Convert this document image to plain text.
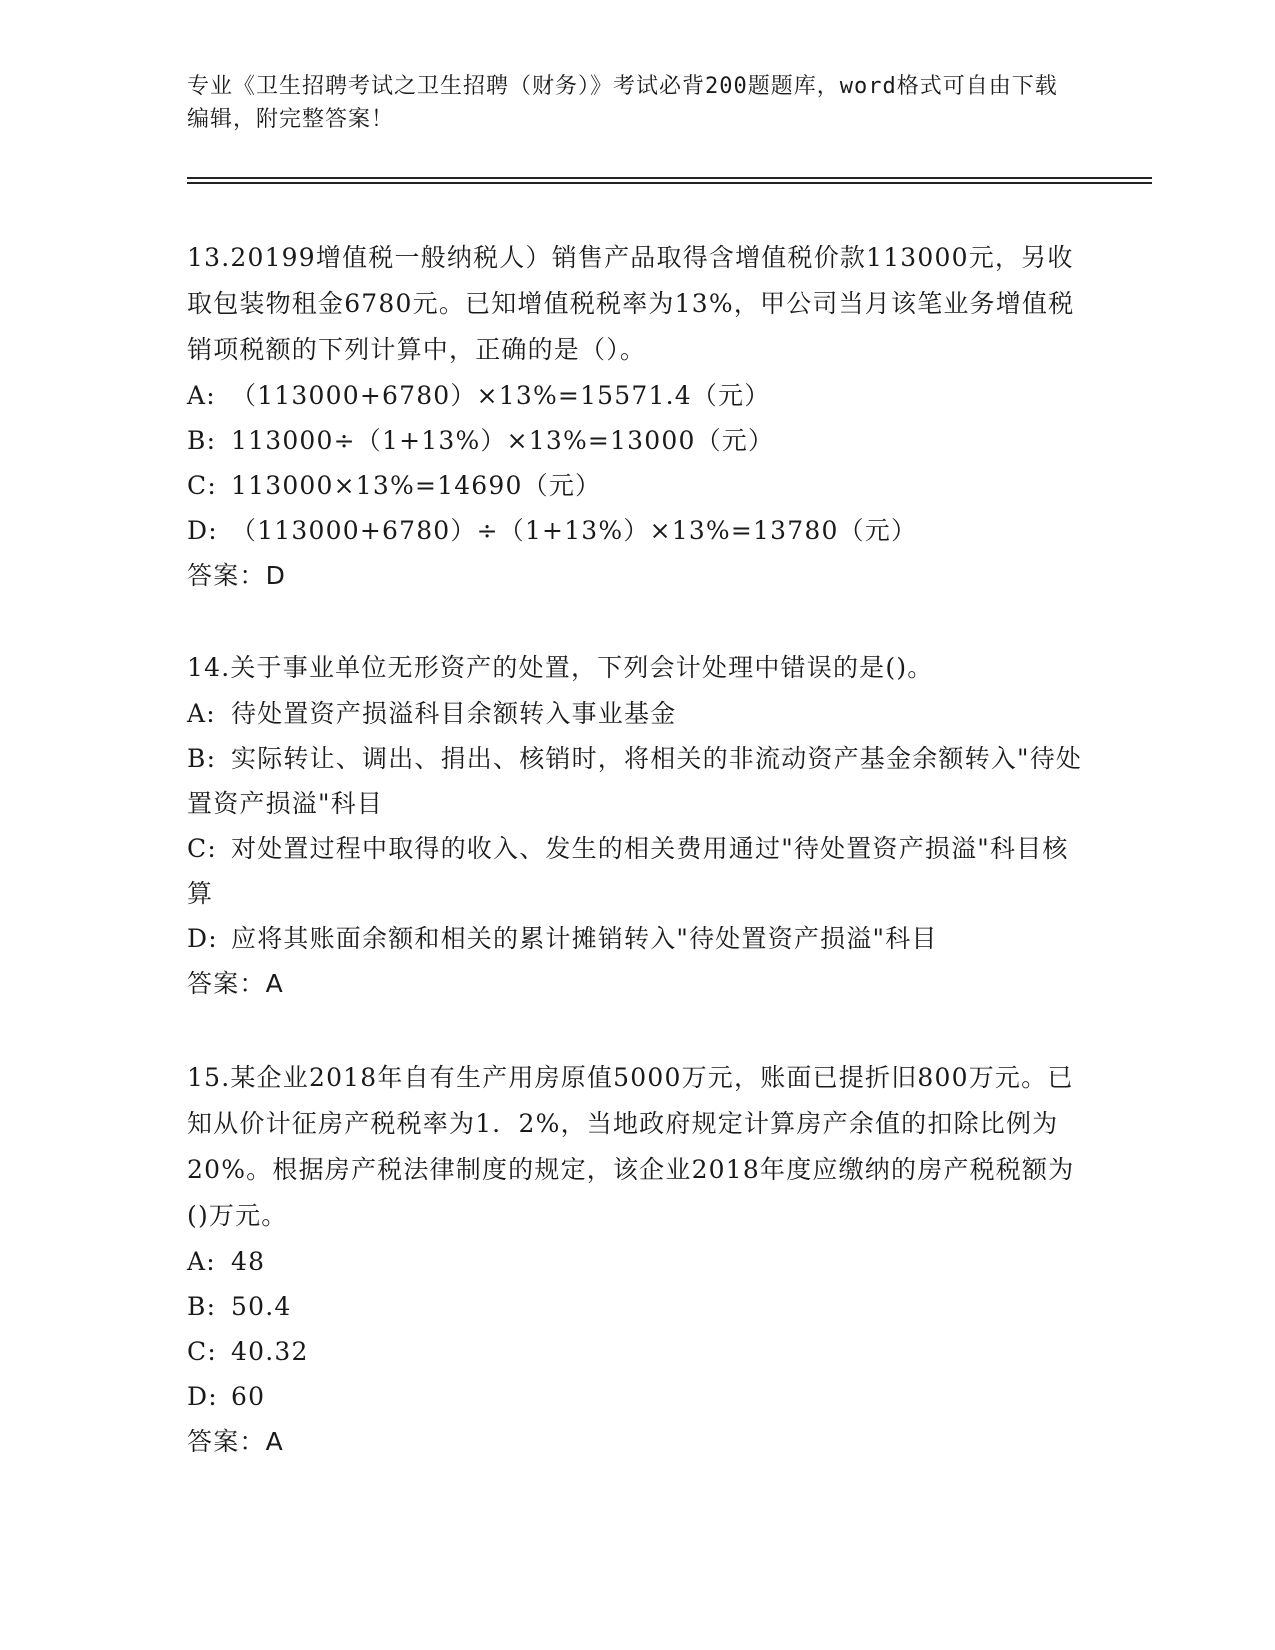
专业《卫生招聘考试之卫生招聘（财务）》考试必背200题题库，word格式可自由下载编辑，附完整答案！

13.20199增值税一般纳税人）销售产品取得含增值税价款113000元，另收取包装物租金6780元。已知增值税税率为13%，甲公司当月该笔业务增值税销项税额的下列计算中，正确的是（）。

A: （113000+6780）×13%=15571.4（元）

B: 113000÷（1+13%）×13%=13000（元）

C: 113000×13%=14690（元）

D: （113000+6780）÷（1+13%）×13%=13780（元）

答案：D

14.关于事业单位无形资产的处置，下列会计处理中错误的是()。

A: 待处置资产损溢科目余额转入事业基金

B: 实际转让、调出、捐出、核销时，将相关的非流动资产基金余额转入"待处置资产损溢"科目

C: 对处置过程中取得的收入、发生的相关费用通过"待处置资产损溢"科目核算

D: 应将其账面余额和相关的累计摊销转入"待处置资产损溢"科目

答案：A

15.某企业2018年自有生产用房原值5000万元，账面已提折旧800万元。已知从价计征房产税税率为1．2%，当地政府规定计算房产余值的扣除比例为20%。根据房产税法律制度的规定，该企业2018年度应缴纳的房产税税额为()万元。

A: 48

B: 50.4

C: 40.32

D: 60

答案：A
